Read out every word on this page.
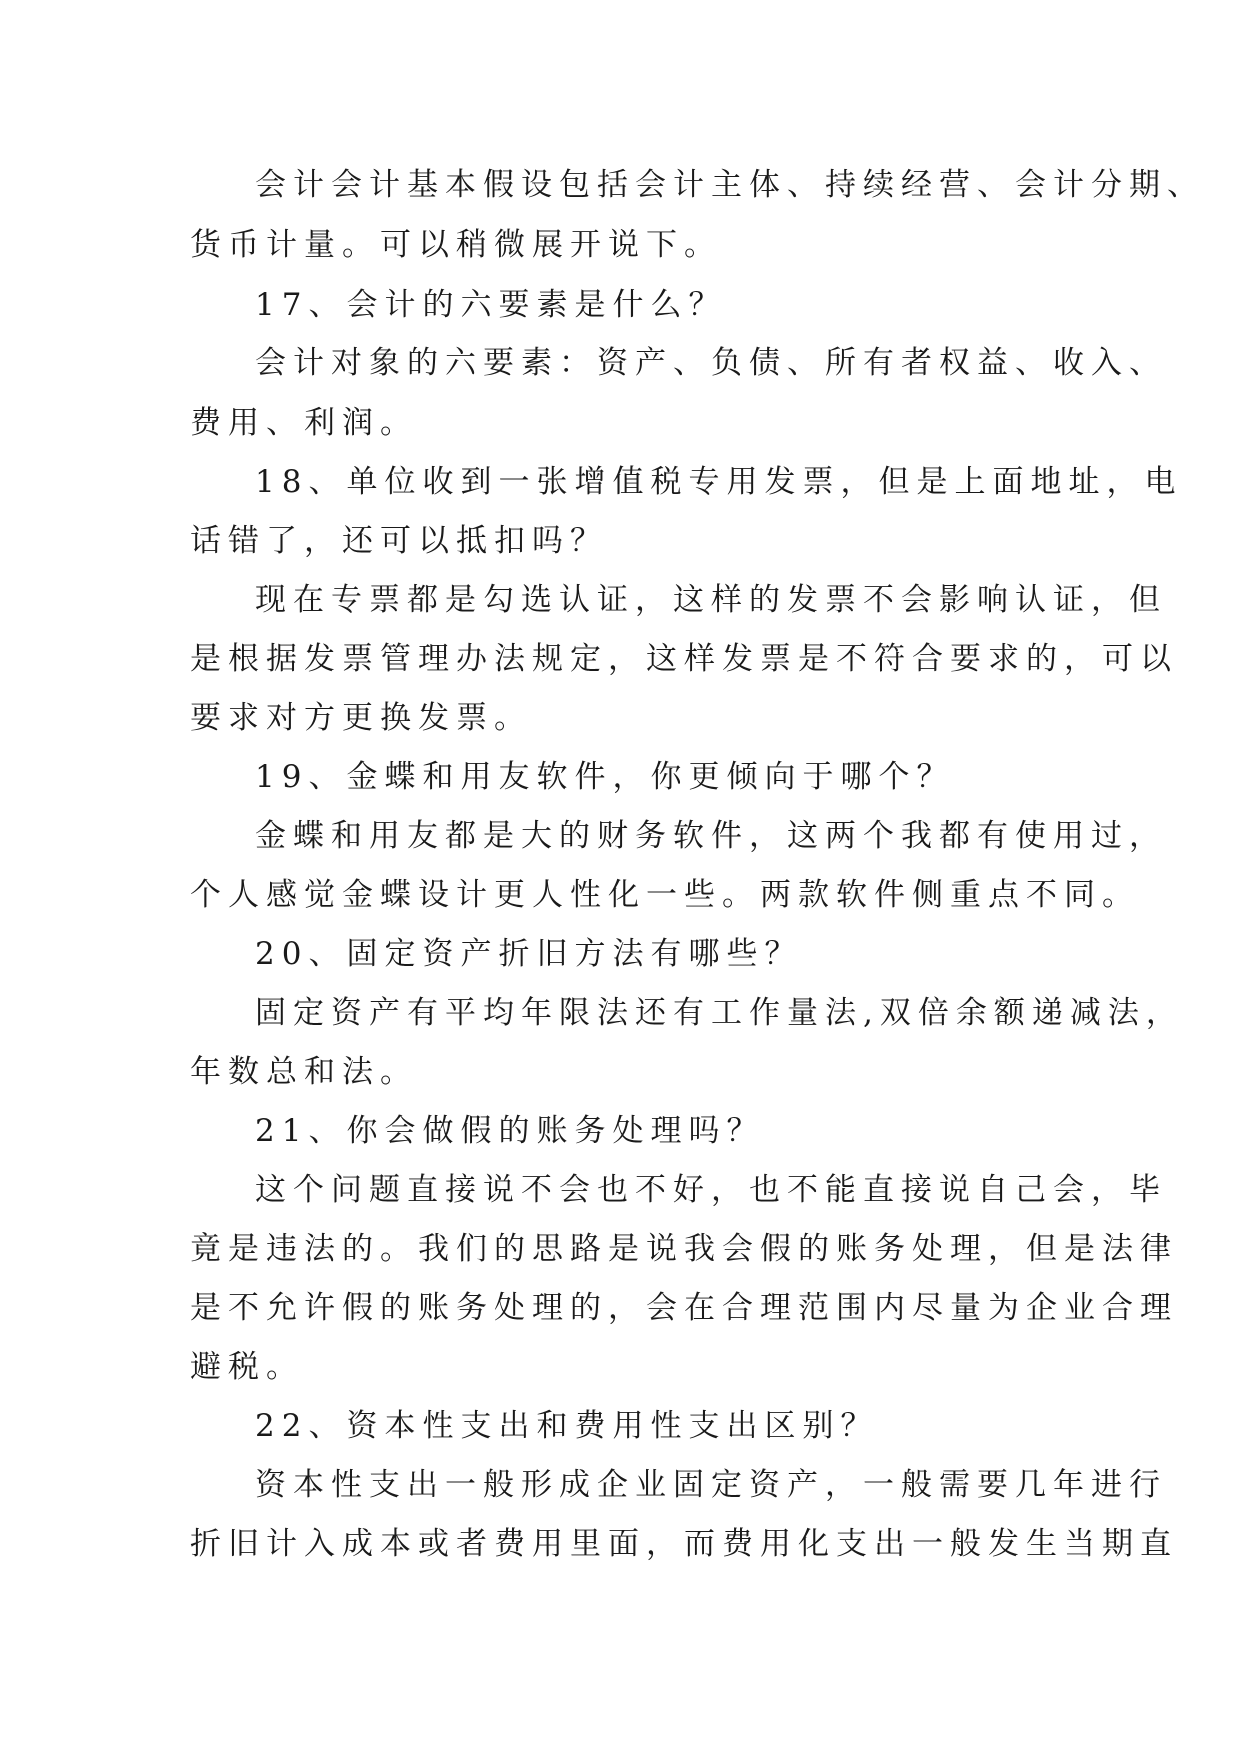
会计会计基本假设包括会计主体、持续经营、会计分期、
货币计量。可以稍微展开说下。
17、会计的六要素是什么？
会计对象的六要素：资产、负债、所有者权益、收入、
费用、利润。
18、单位收到一张增值税专用发票，但是上面地址，电
话错了，还可以抵扣吗？
现在专票都是勾选认证，这样的发票不会影响认证，但
是根据发票管理办法规定，这样发票是不符合要求的，可以
要求对方更换发票。
19、金蝶和用友软件，你更倾向于哪个？
金蝶和用友都是大的财务软件，这两个我都有使用过，
个人感觉金蝶设计更人性化一些。两款软件侧重点不同。
20、固定资产折旧方法有哪些？
固定资产有平均年限法还有工作量法,双倍余额递减法，
年数总和法。
21、你会做假的账务处理吗？
这个问题直接说不会也不好，也不能直接说自己会，毕
竟是违法的。我们的思路是说我会假的账务处理，但是法律
是不允许假的账务处理的，会在合理范围内尽量为企业合理
避税。
22、资本性支出和费用性支出区别？
资本性支出一般形成企业固定资产，一般需要几年进行
折旧计入成本或者费用里面，而费用化支出一般发生当期直
